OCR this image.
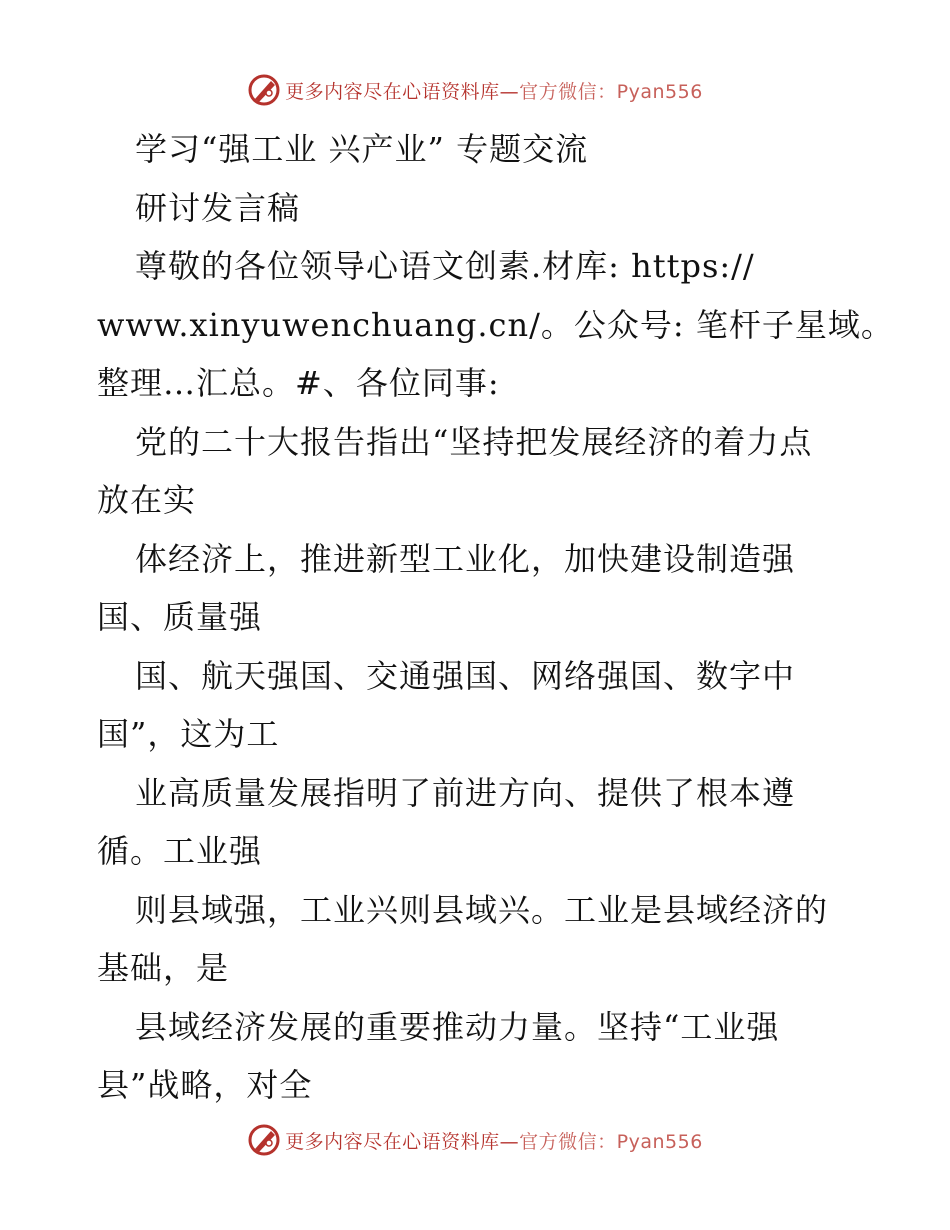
更多内容尽在心语资料库—官方微信：Pyan556
学习“强工业 兴产业” 专题交流
研讨发言稿
尊敬的各位领导心语文创素.材库: https://
www.xinyuwenchuang.cn/。公众号: 笔杆子星域。
整理…汇总。#、各位同事:
党的二十大报告指出“坚持把发展经济的着力点
放在实
体经济上，推进新型工业化，加快建设制造强
国、质量强
国、航天强国、交通强国、网络强国、数字中
国”，这为工
业高质量发展指明了前进方向、提供了根本遵
循。工业强
则县域强，工业兴则县域兴。工业是县域经济的
基础，是
县域经济发展的重要推动力量。坚持“工业强
县”战略，对全
更多内容尽在心语资料库—官方微信：Pyan556
